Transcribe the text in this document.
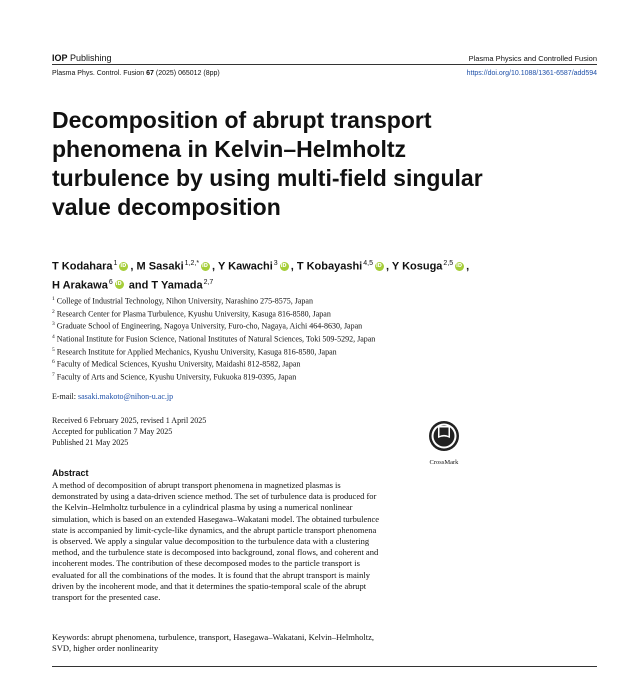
IOP Publishing	Plasma Physics and Controlled Fusion
Plasma Phys. Control. Fusion 67 (2025) 065012 (8pp)	https://doi.org/10.1088/1361-6587/add594
Decomposition of abrupt transport
phenomena in Kelvin–Helmholtz
turbulence by using multi-field singular
value decomposition
T Kodahara$^1$ iD , M Sasaki$^{1,2,*}$ iD , Y Kawachi$^3$ iD , T Kobayashi$^{4,5}$ iD , Y Kosuga$^{2,5}$ iD ,
H Arakawa$^6$iD and T Yamada$^{2,7}$
$^1$ College of Industrial Technology, Nihon University, Narashino 275-8575, Japan
$^2$ Research Center for Plasma Turbulence, Kyushu University, Kasuga 816-8580, Japan
$^3$ Graduate School of Engineering, Nagoya University, Furo-cho, Nagaya, Aichi 464-8630, Japan
$^4$ National Institute for Fusion Science, National Institutes of Natural Sciences, Toki 509-5292, Japan
$^5$ Research Institute for Applied Mechanics, Kyushu University, Kasuga 816-8580, Japan
$^6$ Faculty of Medical Sciences, Kyushu University, Maidashi 812-8582, Japan
$^7$ Faculty of Arts and Science, Kyushu University, Fukuoka 819-0395, Japan
E-mail: sasaki.makoto@nihon-u.ac.jp
Received 6 February 2025, revised 1 April 2025
Accepted for publication 7 May 2025
Published 21 May 2025
CrossMark
Abstract
A method of decomposition of abrupt transport phenomena in magnetized plasmas is
demonstrated by using a data-driven science method. The set of turbulence data is produced for
the Kelvin–Helmholtz turbulence in a cylindrical plasma by using a numerical nonlinear
simulation, which is based on an extended Hasegawa–Wakatani model. The obtained turbulence
state is accompanied by limit-cycle-like dynamics, and the abrupt particle transport phenomena
is observed. We apply a singular value decomposition to the turbulence data with a clustering
method, and the turbulence state is decomposed into background, zonal flows, and coherent and
incoherent modes. The contribution of these decomposed modes to the particle transport is
evaluated for all the combinations of the modes. It is found that the abrupt transport is mainly
driven by the incoherent mode, and that it determines the spatio-temporal scale of the abrupt
transport for the presented case.
Keywords: abrupt phenomena, turbulence, transport, Hasegawa–Wakatani, Kelvin–Helmholtz,
SVD, higher order nonlinearity
